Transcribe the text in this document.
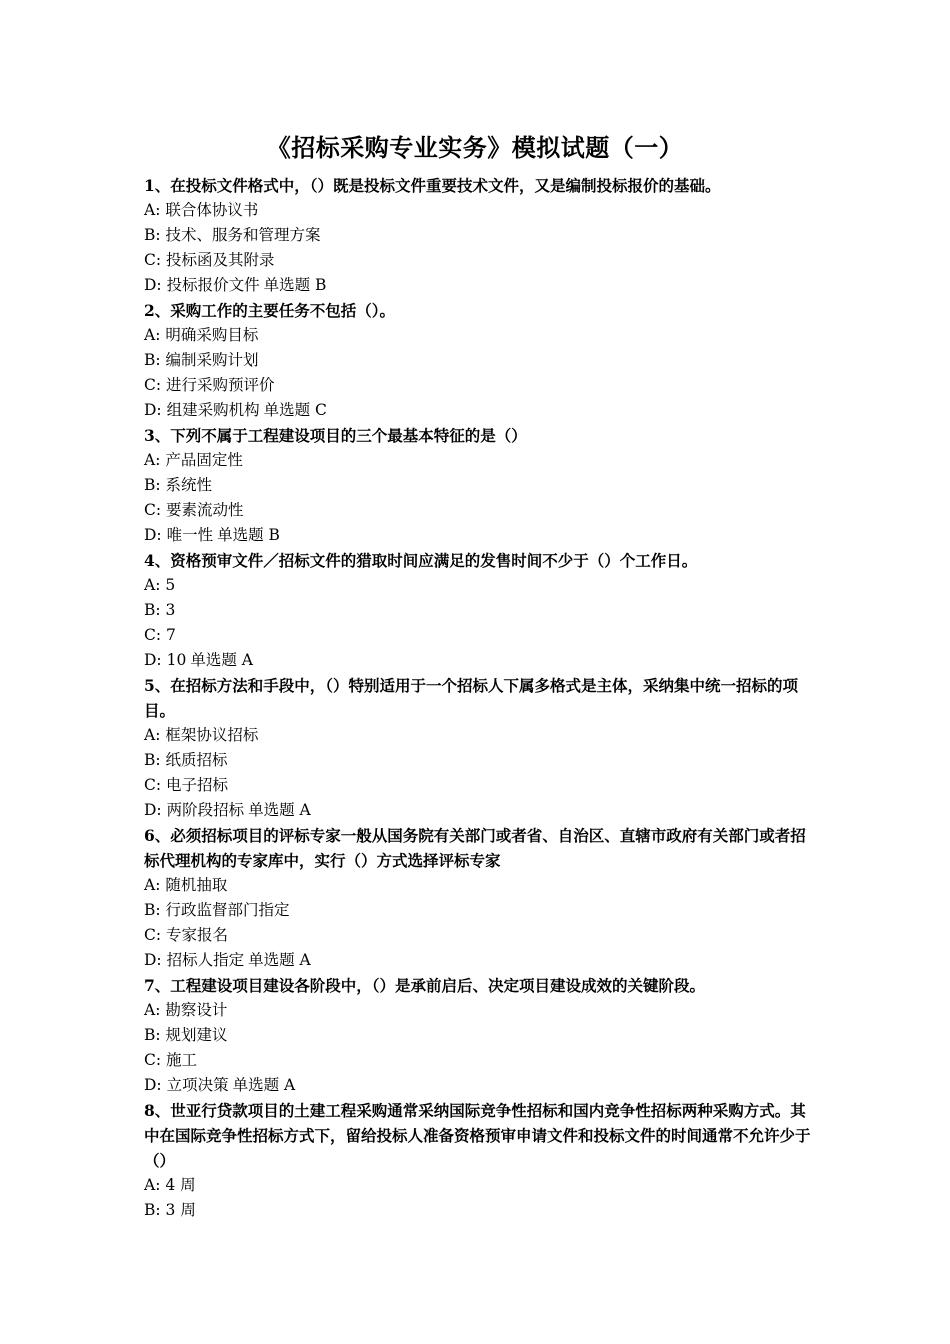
《招标采购专业实务》模拟试题（一）

1、在投标文件格式中，（）既是投标文件重要技术文件，又是编制投标报价的基础。

A: 联合体协议书

B: 技术、服务和管理方案

C: 投标函及其附录

D: 投标报价文件 单选题 B

2、采购工作的主要任务不包括（）。

A: 明确采购目标

B: 编制采购计划

C: 进行采购预评价

D: 组建采购机构 单选题 C

3、下列不属于工程建设项目的三个最基本特征的是（）

A: 产品固定性

B: 系统性

C: 要素流动性

D: 唯一性 单选题 B

4、资格预审文件／招标文件的猎取时间应满足的发售时间不少于（）个工作日。

A: 5

B: 3

C: 7

D: 10 单选题 A

5、在招标方法和手段中，（）特别适用于一个招标人下属多格式是主体，采纳集中统一招标的项目。

A: 框架协议招标

B: 纸质招标

C: 电子招标

D: 两阶段招标 单选题 A

6、必须招标项目的评标专家一般从国务院有关部门或者省、自治区、直辖市政府有关部门或者招标代理机构的专家库中，实行（）方式选择评标专家

A: 随机抽取

B: 行政监督部门指定

C: 专家报名

D: 招标人指定 单选题 A

7、工程建设项目建设各阶段中，（）是承前启后、决定项目建设成效的关键阶段。

A: 勘察设计

B: 规划建议

C: 施工

D: 立项决策 单选题 A

8、世亚行贷款项目的土建工程采购通常采纳国际竞争性招标和国内竞争性招标两种采购方式。其中在国际竞争性招标方式下，留给投标人准备资格预审申请文件和投标文件的时间通常不允许少于（）

A: 4 周

B: 3 周
